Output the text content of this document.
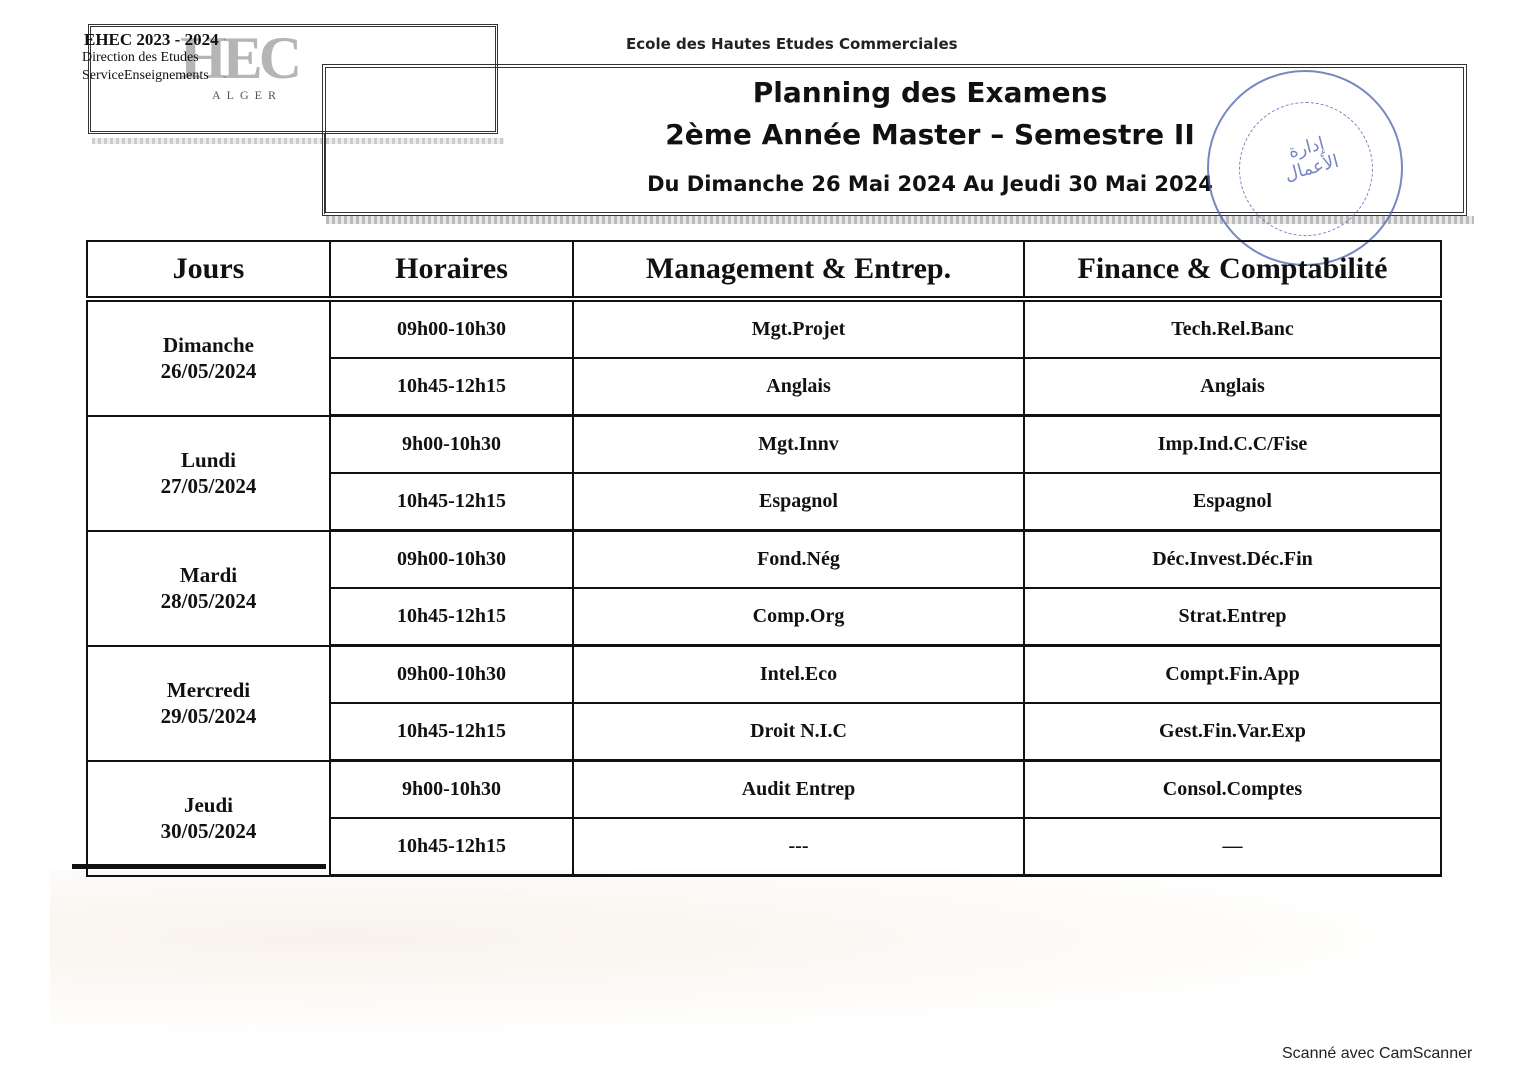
HEC
ALGER
EHEC 2023 - 2024
Direction des Etudes
ServiceEnseignements
Ecole des Hautes Etudes Commerciales
Planning des Examens
2ème Année Master – Semestre II
Du Dimanche 26 Mai 2024 Au Jeudi 30 Mai 2024
إدارة الأعمال
Jours	Horaires	Management & Entrep.	Finance & Comptabilité
Dimanche
26/05/2024	09h00-10h30	Mgt.Projet	Tech.Rel.Banc
	10h45-12h15	Anglais	Anglais
Lundi
27/05/2024	9h00-10h30	Mgt.Innv	Imp.Ind.C.C/Fise
	10h45-12h15	Espagnol	Espagnol
Mardi
28/05/2024	09h00-10h30	Fond.Nég	Déc.Invest.Déc.Fin
	10h45-12h15	Comp.Org	Strat.Entrep
Mercredi
29/05/2024	09h00-10h30	Intel.Eco	Compt.Fin.App
	10h45-12h15	Droit N.I.C	Gest.Fin.Var.Exp
Jeudi
30/05/2024	9h00-10h30	Audit Entrep	Consol.Comptes
	10h45-12h15	---	—
Scanné avec CamScanner
